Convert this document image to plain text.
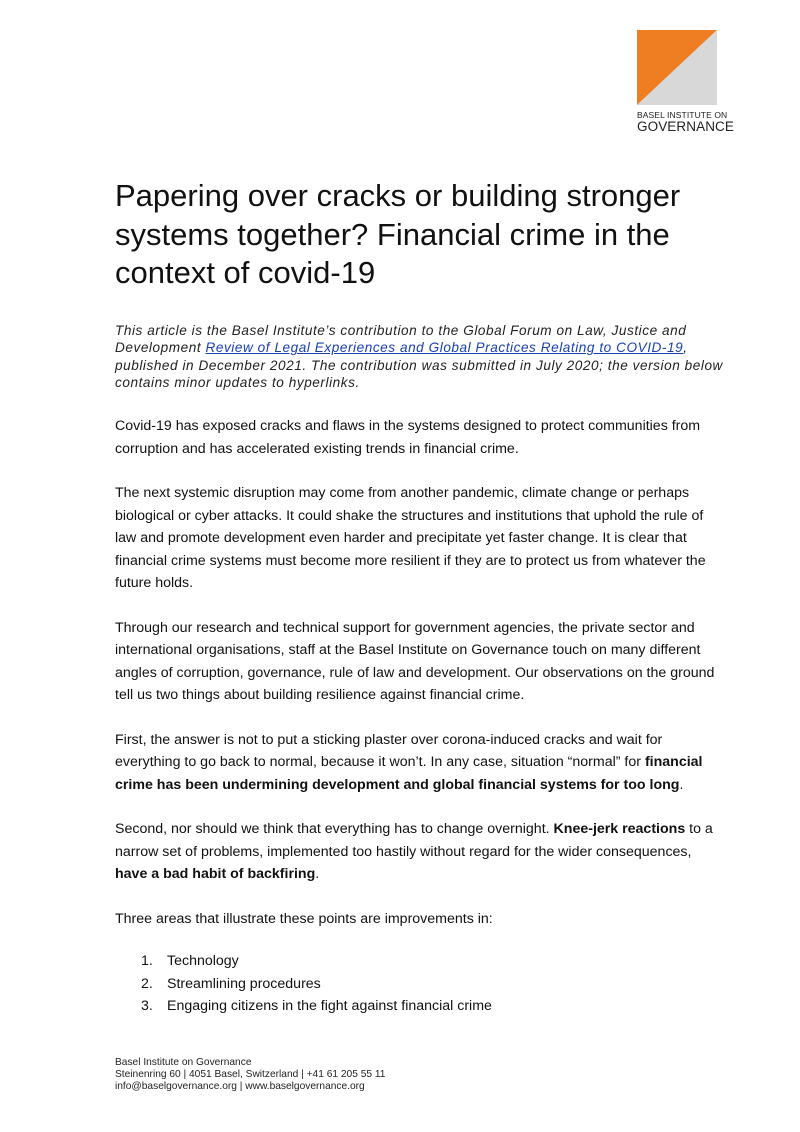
BASEL INSTITUTE ON
GOVERNANCE
Papering over cracks or building stronger systems together? Financial crime in the context of covid-19

This article is the Basel Institute’s contribution to the Global Forum on Law, Justice and Development Review of Legal Experiences and Global Practices Relating to COVID-19, published in December 2021. The contribution was submitted in July 2020; the version below contains minor updates to hyperlinks.

Covid-19 has exposed cracks and flaws in the systems designed to protect communities from corruption and has accelerated existing trends in financial crime.

The next systemic disruption may come from another pandemic, climate change or perhaps biological or cyber attacks. It could shake the structures and institutions that uphold the rule of law and promote development even harder and precipitate yet faster change. It is clear that financial crime systems must become more resilient if they are to protect us from whatever the future holds.

Through our research and technical support for government agencies, the private sector and international organisations, staff at the Basel Institute on Governance touch on many different angles of corruption, governance, rule of law and development. Our observations on the ground tell us two things about building resilience against financial crime.

First, the answer is not to put a sticking plaster over corona-induced cracks and wait for everything to go back to normal, because it won’t. In any case, situation “normal” for financial crime has been undermining development and global financial systems for too long.

Second, nor should we think that everything has to change overnight. Knee-jerk reactions to a narrow set of problems, implemented too hastily without regard for the wider consequences, have a bad habit of backfiring.

Three areas that illustrate these points are improvements in:

1. Technology
2. Streamlining procedures
3. Engaging citizens in the fight against financial crime
Basel Institute on Governance
Steinenring 60 | 4051 Basel, Switzerland | +41 61 205 55 11
info@baselgovernance.org | www.baselgovernance.org
